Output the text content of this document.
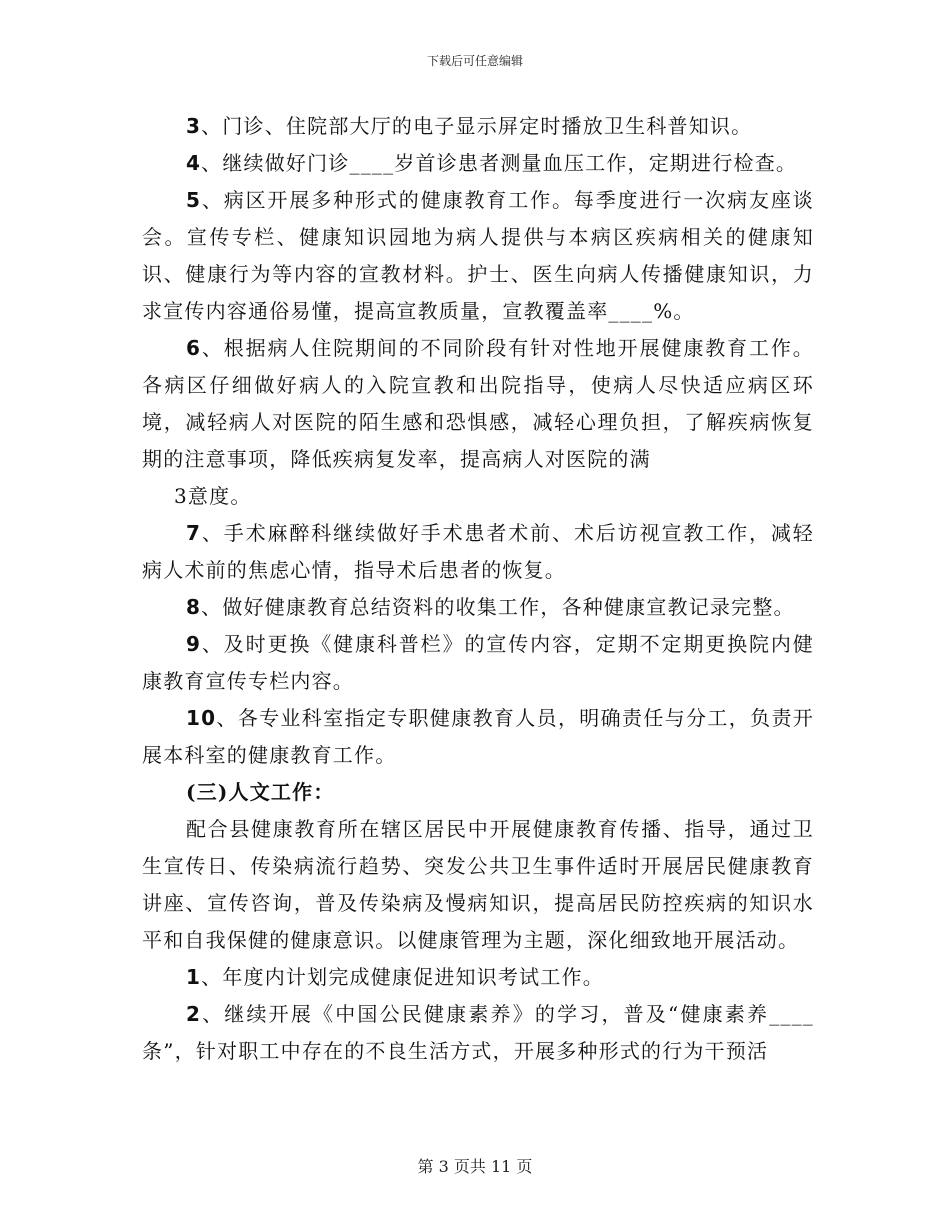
下载后可任意编辑

3、门诊、住院部大厅的电子显示屏定时播放卫生科普知识。

4、继续做好门诊____岁首诊患者测量血压工作，定期进行检查。

5、病区开展多种形式的健康教育工作。每季度进行一次病友座谈会。宣传专栏、健康知识园地为病人提供与本病区疾病相关的健康知识、健康行为等内容的宣教材料。护士、医生向病人传播健康知识，力求宣传内容通俗易懂，提高宣教质量，宣教覆盖率____%。

6、根据病人住院期间的不同阶段有针对性地开展健康教育工作。各病区仔细做好病人的入院宣教和出院指导，使病人尽快适应病区环境，减轻病人对医院的陌生感和恐惧感，减轻心理负担，了解疾病恢复期的注意事项，降低疾病复发率，提高病人对医院的满

3意度。

7、手术麻醉科继续做好手术患者术前、术后访视宣教工作，减轻病人术前的焦虑心情，指导术后患者的恢复。

8、做好健康教育总结资料的收集工作，各种健康宣教记录完整。

9、及时更换《健康科普栏》的宣传内容，定期不定期更换院内健康教育宣传专栏内容。

10、各专业科室指定专职健康教育人员，明确责任与分工，负责开展本科室的健康教育工作。

(三)人文工作：

配合县健康教育所在辖区居民中开展健康教育传播、指导，通过卫生宣传日、传染病流行趋势、突发公共卫生事件适时开展居民健康教育讲座、宣传咨询，普及传染病及慢病知识，提高居民防控疾病的知识水平和自我保健的健康意识。以健康管理为主题，深化细致地开展活动。

1、年度内计划完成健康促进知识考试工作。

2、继续开展《中国公民健康素养》的学习，普及“健康素养____条”，针对职工中存在的不良生活方式，开展多种形式的行为干预活

第 3 页共 11 页
